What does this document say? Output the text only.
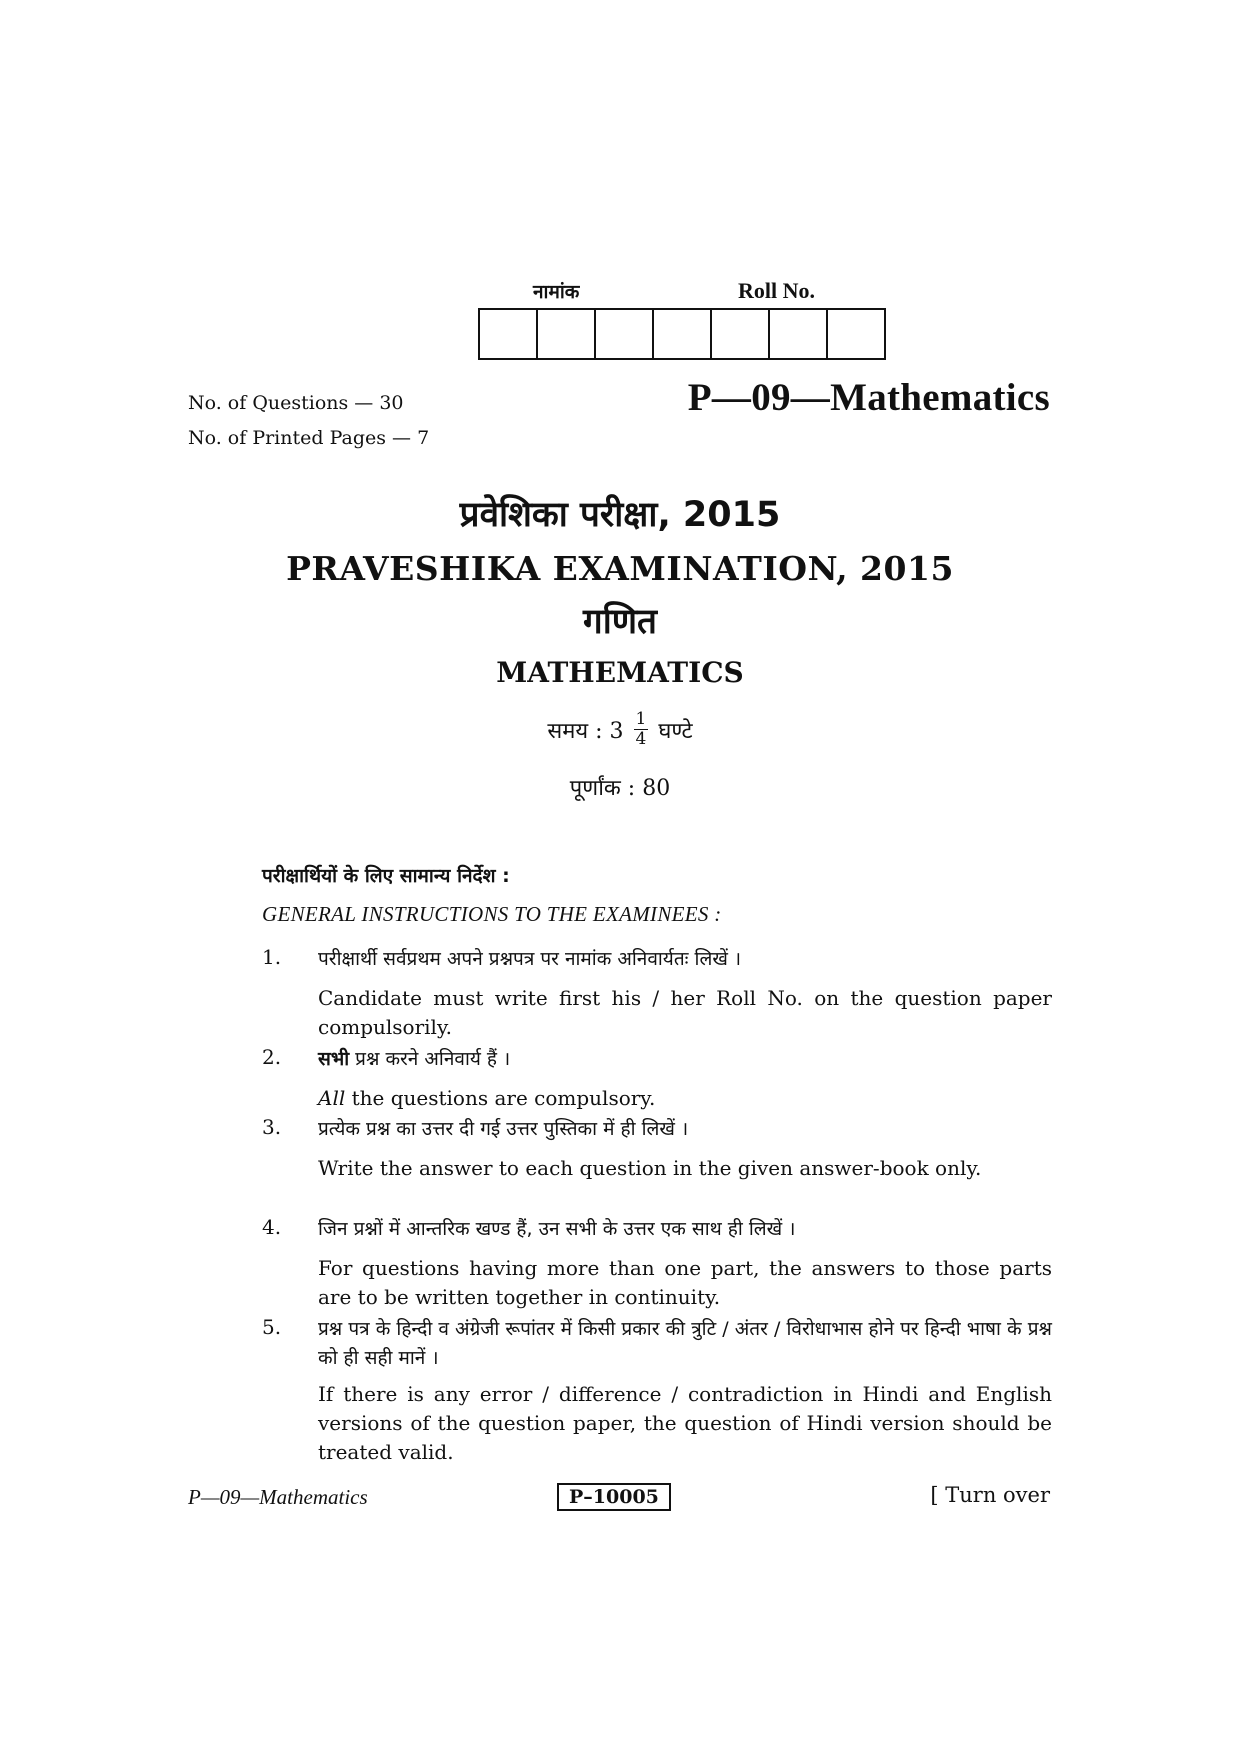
नामांक	Roll No.
No. of Questions — 30
No. of Printed Pages — 7
P—09—Mathematics
प्रवेशिका परीक्षा, 2015
PRAVESHIKA EXAMINATION, 2015
गणित
MATHEMATICS
समय : $3 \frac{1}{4}$ घण्टे
पूर्णांक : 80
परीक्षार्थियों के लिए सामान्य निर्देश :
GENERAL INSTRUCTIONS TO THE EXAMINEES :
1. परीक्षार्थी सर्वप्रथम अपने प्रश्नपत्र पर नामांक अनिवार्यतः लिखें ।
Candidate must write first his / her Roll No. on the question paper compulsorily.
2. सभी प्रश्न करने अनिवार्य हैं ।
All the questions are compulsory.
3. प्रत्येक प्रश्न का उत्तर दी गई उत्तर पुस्तिका में ही लिखें ।
Write the answer to each question in the given answer-book only.
4. जिन प्रश्नों में आन्तरिक खण्ड हैं, उन सभी के उत्तर एक साथ ही लिखें ।
For questions having more than one part, the answers to those parts are to be written together in continuity.
5. प्रश्न पत्र के हिन्दी व अंग्रेजी रूपांतर में किसी प्रकार की त्रुटि / अंतर / विरोधाभास होने पर हिन्दी भाषा के प्रश्न को ही सही मानें ।
If there is any error / difference / contradiction in Hindi and English versions of the question paper, the question of Hindi version should be treated valid.
P—09—Mathematics	P–10005	[ Turn over
